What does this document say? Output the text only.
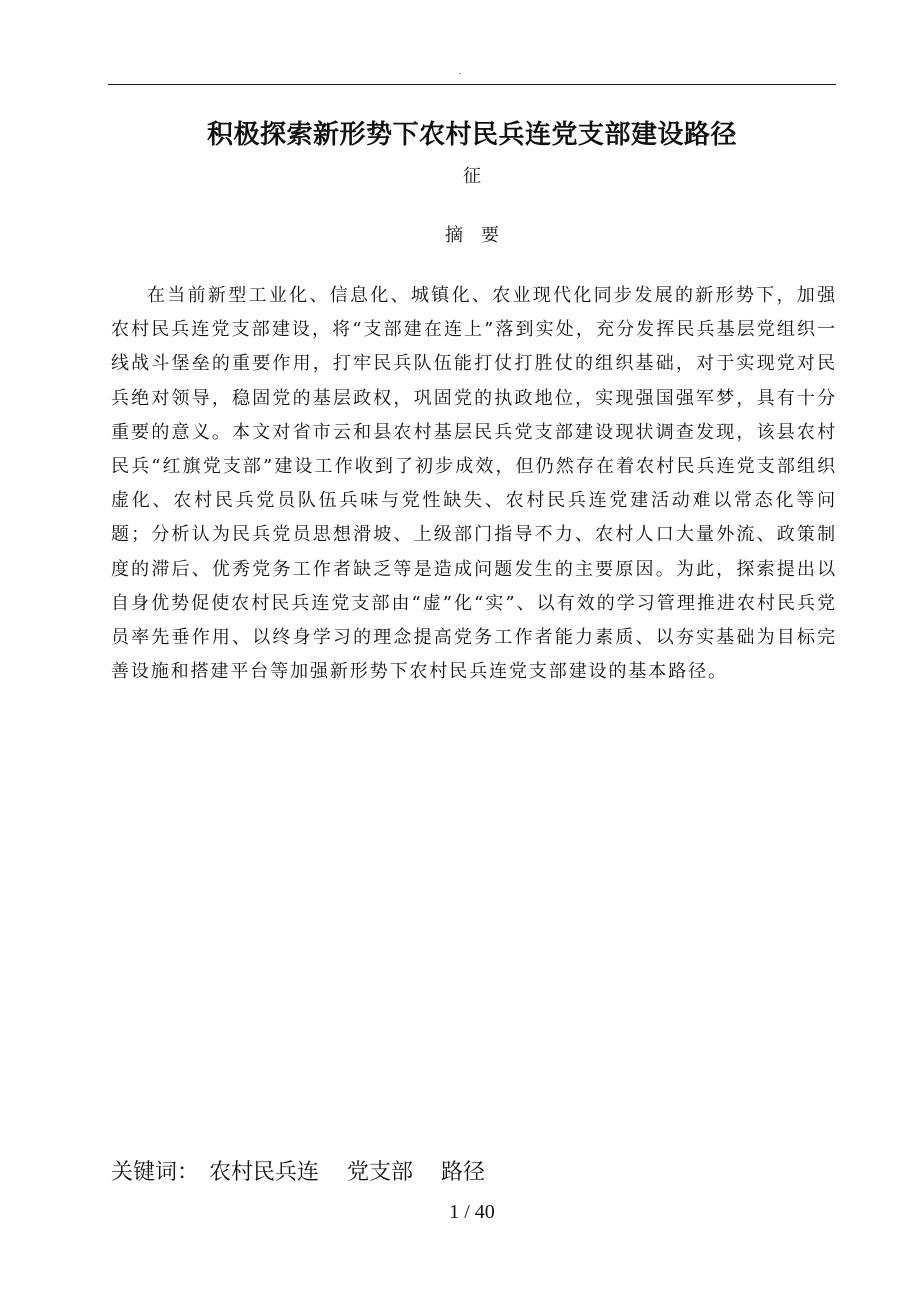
.
积极探索新形势下农村民兵连党支部建设路径
征
摘　要

在当前新型工业化、信息化、城镇化、农业现代化同步发展的新形势下，加强农村民兵连党支部建设，将“支部建在连上”落到实处，充分发挥民兵基层党组织一线战斗堡垒的重要作用，打牢民兵队伍能打仗打胜仗的组织基础，对于实现党对民兵绝对领导，稳固党的基层政权，巩固党的执政地位，实现强国强军梦，具有十分重要的意义。本文对省市云和县农村基层民兵党支部建设现状调查发现，该县农村民兵“红旗党支部”建设工作收到了初步成效，但仍然存在着农村民兵连党支部组织虚化、农村民兵党员队伍兵味与党性缺失、农村民兵连党建活动难以常态化等问题；分析认为民兵党员思想滑坡、上级部门指导不力、农村人口大量外流、政策制度的滞后、优秀党务工作者缺乏等是造成问题发生的主要原因。为此，探索提出以自身优势促使农村民兵连党支部由“虚”化“实”、以有效的学习管理推进农村民兵党员率先垂作用、以终身学习的理念提高党务工作者能力素质、以夯实基础为目标完善设施和搭建平台等加强新形势下农村民兵连党支部建设的基本路径。

关键词： 农村民兵连 党支部 路径
1 / 40
